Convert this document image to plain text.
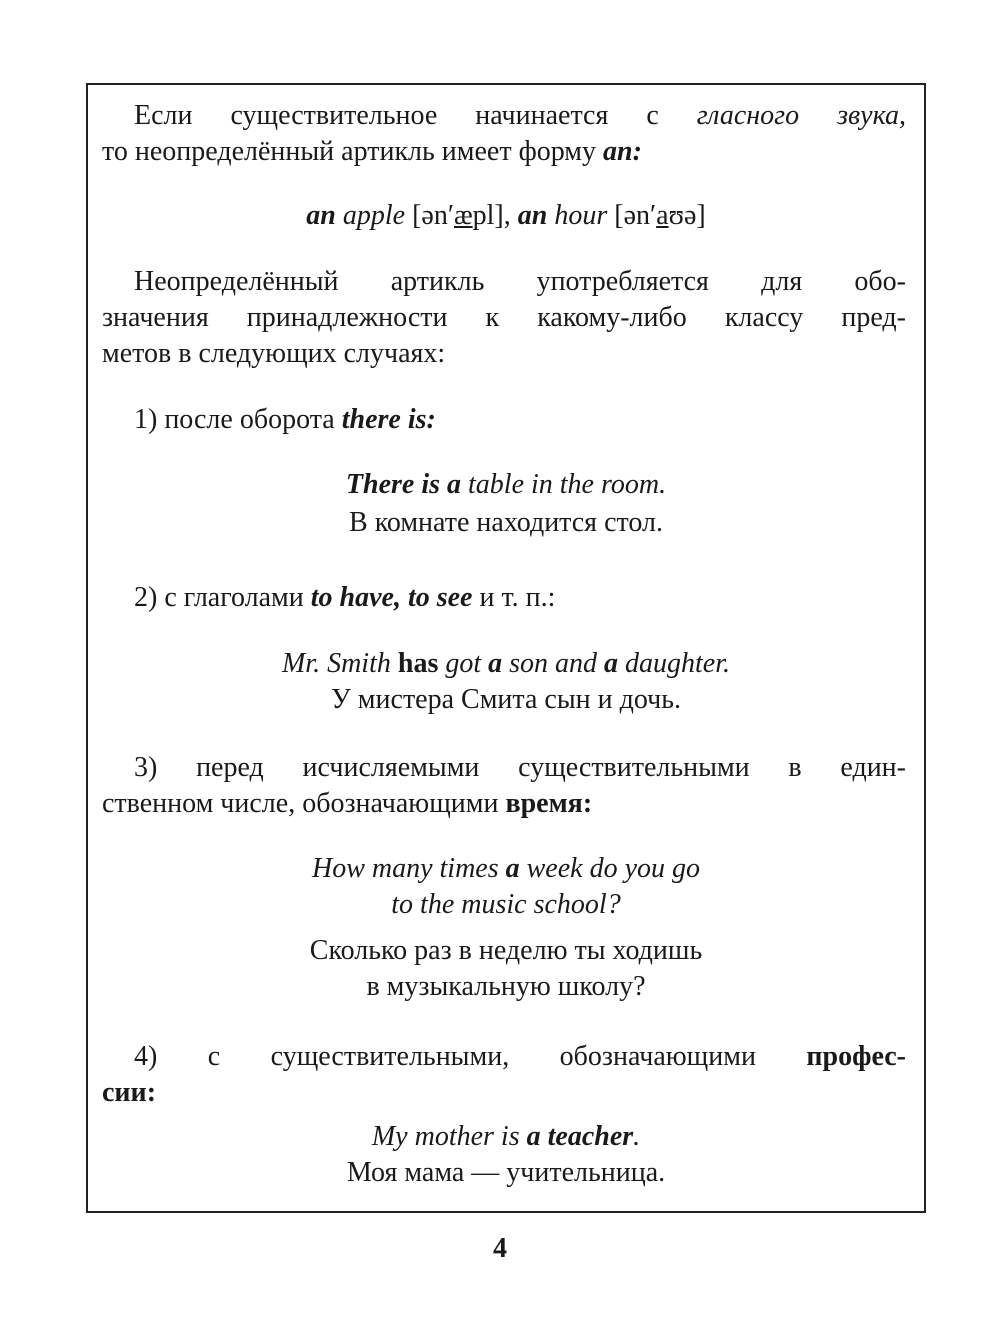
Если существительное начинается с гласного звука,
то неопределённый артикль имеет форму an:
an apple [ən′æpl], an hour [ən′aʊə]
Неопределённый артикль употребляется для обо-
значения принадлежности к какому-либо классу пред-
метов в следующих случаях:
1) после оборота there is:
There is a table in the room.
В комнате находится стол.
2) с глаголами to have, to see и т. п.:
Mr. Smith has got a son and a daughter.
У мистера Смита сын и дочь.
3) перед исчисляемыми существительными в един-
ственном числе, обозначающими время:
How many times a week do you go
to the music school?
Сколько раз в неделю ты ходишь
в музыкальную школу?
4) с существительными, обозначающими профес-
сии:
My mother is a teacher.
Моя мама — учительница.
4
